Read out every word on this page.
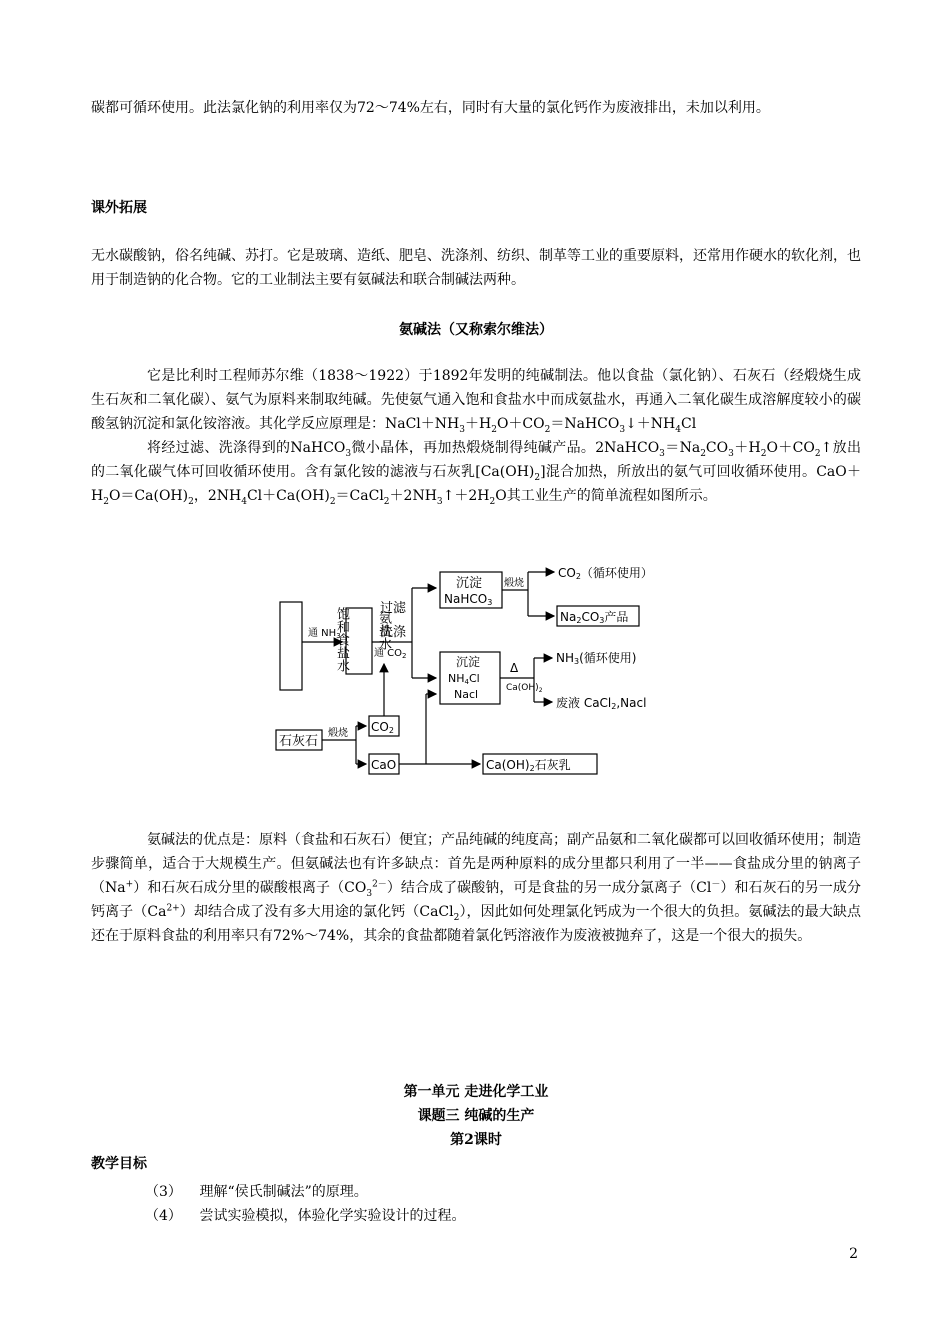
碳都可循环使用。此法氯化钠的利用率仅为72～74%左右，同时有大量的氯化钙作为废液排出，未加以利用。

课外拓展

无水碳酸钠，俗名纯碱、苏打。它是玻璃、造纸、肥皂、洗涤剂、纺织、制革等工业的重要原料，还常用作硬水的软化剂，也用于制造钠的化合物。它的工业制法主要有氨碱法和联合制碱法两种。

氨碱法（又称索尔维法）

它是比利时工程师苏尔维（1838～1922）于1892年发明的纯碱制法。他以食盐（氯化钠）、石灰石（经煅烧生成生石灰和二氧化碳）、氨气为原料来制取纯碱。先使氨气通入饱和食盐水中而成氨盐水，再通入二氧化碳生成溶解度较小的碳酸氢钠沉淀和氯化铵溶液。其化学反应原理是：$NaCl+NH_3+H_2O+CO_2=NaHCO_3↓+NH_4Cl$

将经过滤、洗涤得到的NaHCO$_3$微小晶体，再加热煅烧制得纯碱产品。$2NaHCO_3=Na_2CO_3+H_2O+CO_2↑$放出的二氧化碳气体可回收循环使用。含有氯化铵的滤液与石灰乳$[Ca(OH)_2]$混合加热，所放出的氨气可回收循环使用。$CaO+H_2O=Ca(OH)_2$，$2NH_4Cl+Ca(OH)_2=CaCl_2+2NH_3↑+2H_2O$其工业生产的简单流程如图所示。

饱和食盐水
通 $NH_3$
氨盐水
过滤
洗涤
通 $CO_2$
沉淀
NaHCO3
煅烧
CO2（循环使用）
Na2CO3产品
沉淀
NH4Cl
Nacl
Δ
$Ca(OH)_2$
NH3(循环使用)
废液 CaCl2,Nacl
石灰石
煅烧 CO2
CaO	Ca(OH)2石灰乳

氨碱法的优点是：原料（食盐和石灰石）便宜；产品纯碱的纯度高；副产品氨和二氧化碳都可以回收循环使用；制造步骤简单，适合于大规模生产。但氨碱法也有许多缺点：首先是两种原料的成分里都只利用了一半——食盐成分里的钠离子（Na+）和石灰石成分里的碳酸根离子$(CO_3^{2-})$结合成了碳酸钠，可是食盐的另一成分氯离子（Cl－）和石灰石的另一成分钙离子$(Ca^{2+})$却结合成了没有多大用途的氯化钙（CaCl$_2$），因此如何处理氯化钙成为一个很大的负担。氨碱法的最大缺点还在于原料食盐的利用率只有72%～74%，其余的食盐都随着氯化钙溶液作为废液被抛弃了，这是一个很大的损失。

第一单元 走进化学工业
课题三 纯碱的生产
第2课时
教学目标
（3） 理解“侯氏制碱法”的原理。
（4） 尝试实验模拟，体验化学实验设计的过程。
2
